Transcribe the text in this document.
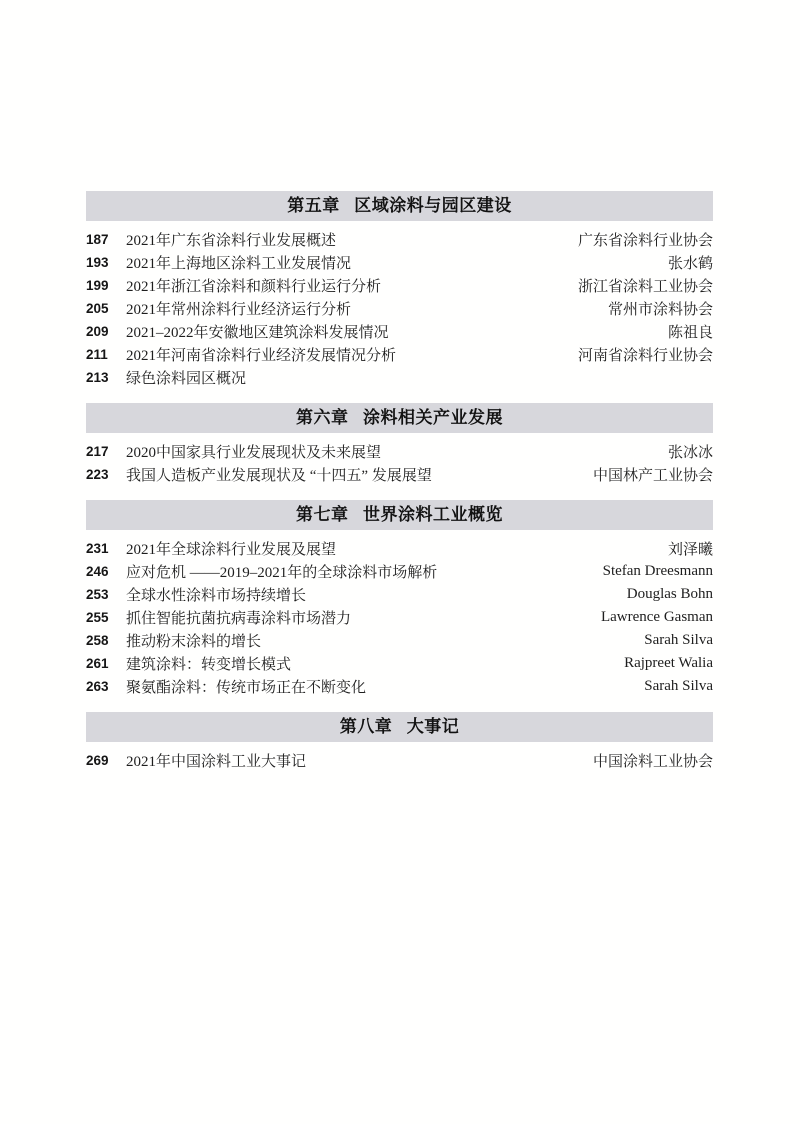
第五章 区域涂料与园区建设
187	2021年广东省涂料行业发展概述	广东省涂料行业协会
193	2021年上海地区涂料工业发展情况	张水鹤
199	2021年浙江省涂料和颜料行业运行分析	浙江省涂料工业协会
205	2021年常州涂料行业经济运行分析	常州市涂料协会
209	2021–2022年安徽地区建筑涂料发展情况	陈祖良
211	2021年河南省涂料行业经济发展情况分析	河南省涂料行业协会
213	绿色涂料园区概况
第六章 涂料相关产业发展
217	2020中国家具行业发展现状及未来展望	张冰冰
223	我国人造板产业发展现状及 “十四五” 发展展望	中国林产工业协会
第七章 世界涂料工业概览
231	2021年全球涂料行业发展及展望	刘泽曦
246	应对危机 ——2019–2021年的全球涂料市场解析	Stefan Dreesmann
253	全球水性涂料市场持续增长	Douglas Bohn
255	抓住智能抗菌抗病毒涂料市场潜力	Lawrence Gasman
258	推动粉末涂料的增长	Sarah Silva
261	建筑涂料：转变增长模式	Rajpreet Walia
263	聚氨酯涂料：传统市场正在不断变化	Sarah Silva
第八章 大事记
269	2021年中国涂料工业大事记	中国涂料工业协会
